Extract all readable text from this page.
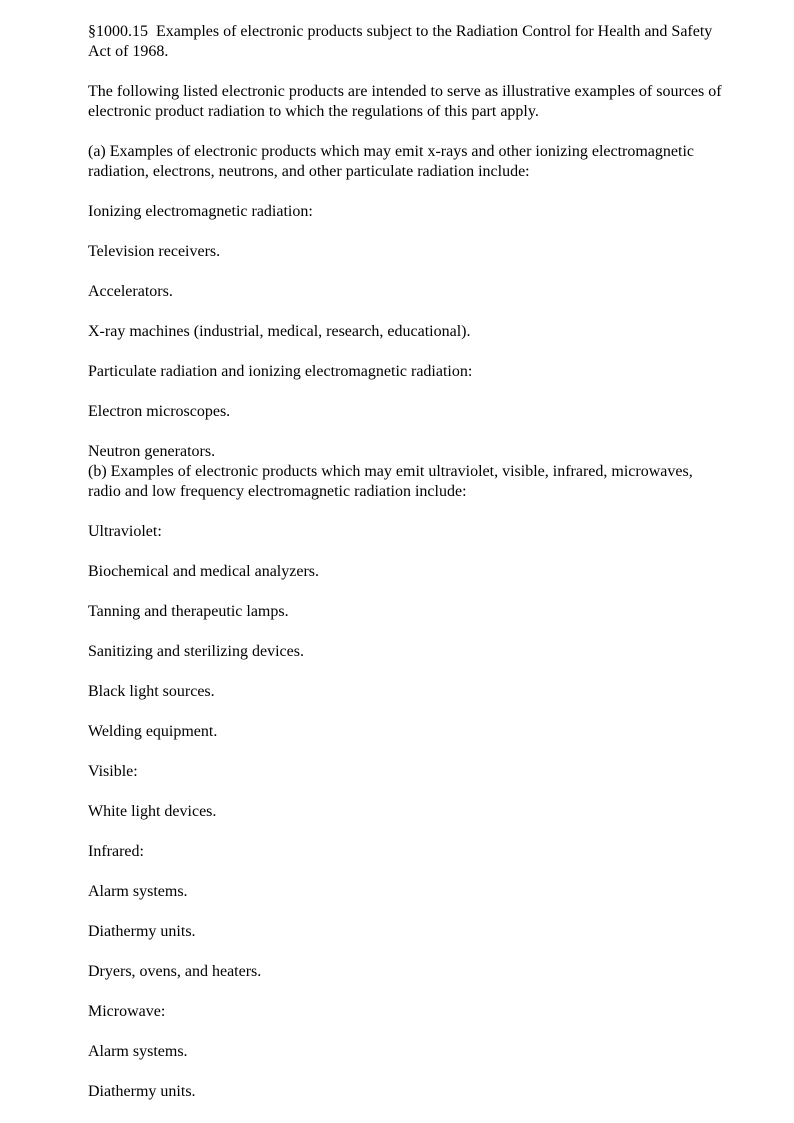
§1000.15 Examples of electronic products subject to the Radiation Control for Health and Safety Act of 1968.

The following listed electronic products are intended to serve as illustrative examples of sources of electronic product radiation to which the regulations of this part apply.

(a) Examples of electronic products which may emit x-rays and other ionizing electromagnetic radiation, electrons, neutrons, and other particulate radiation include:

Ionizing electromagnetic radiation:

Television receivers.

Accelerators.

X-ray machines (industrial, medical, research, educational).

Particulate radiation and ionizing electromagnetic radiation:

Electron microscopes.

Neutron generators.

(b) Examples of electronic products which may emit ultraviolet, visible, infrared, microwaves, radio and low frequency electromagnetic radiation include:

Ultraviolet:

Biochemical and medical analyzers.

Tanning and therapeutic lamps.

Sanitizing and sterilizing devices.

Black light sources.

Welding equipment.

Visible:

White light devices.

Infrared:

Alarm systems.

Diathermy units.

Dryers, ovens, and heaters.

Microwave:

Alarm systems.

Diathermy units.
